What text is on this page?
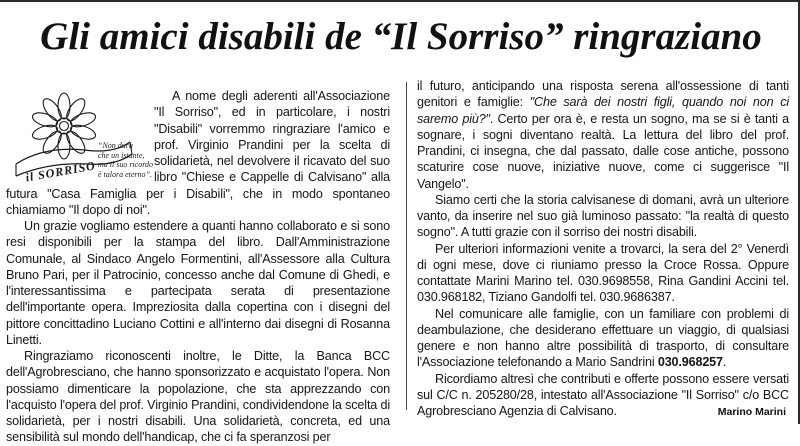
Gli amici disabili de “Il Sorriso” ringraziano
il SORRISO

“Non dura
che un istante,
ma il suo ricordo
è talora eterno”.

A nome degli aderenti all'Associazione "Il Sorriso", ed in particolare, i nostri "Disabili" vorremmo ringraziare l'amico e prof. Virginio Prandini per la scelta di solidarietà, nel devolvere il ricavato del suo libro "Chiese e Cappelle di Calvisano" alla futura "Casa Famiglia per i Disabili", che in modo spontaneo chiamiamo "Il dopo di noi".

Un grazie vogliamo estendere a quanti hanno collaborato e si sono resi disponibili per la stampa del libro. Dall'Amministrazione Comunale, al Sindaco Angelo Formentini, all'Assessore alla Cultura Bruno Pari, per il Patrocinio, concesso anche dal Comune di Ghedi, e l'interessantissima e partecipata serata di presentazione dell'importante opera. Impreziosita dalla copertina con i disegni del pittore concittadino Luciano Cottini e all'interno dai disegni di Rosanna Linetti.

Ringraziamo riconoscenti inoltre, le Ditte, la Banca BCC dell'Agrobresciano, che hanno sponsorizzato e acquistato l'opera. Non possiamo dimenticare la popolazione, che sta apprezzando con l'acquisto l'opera del prof. Virginio Prandini, condividendone la scelta di solidarietà, per i nostri disabili. Una solidarietà, concreta, ed una sensibilità sul mondo dell'handicap, che ci fa speranzosi per

il futuro, anticipando una risposta serena all'ossessione di tanti genitori e famiglie: "Che sarà dei nostri figli, quando noi non ci saremo più?". Certo per ora è, e resta un sogno, ma se si è tanti a sognare, i sogni diventano realtà. La lettura del libro del prof. Prandini, ci insegna, che dal passato, dalle cose antiche, possono scaturire cose nuove, iniziative nuove, come ci suggerisce "Il Vangelo".

Siamo certi che la storia calvisanese di domani, avrà un ulteriore vanto, da inserire nel suo già luminoso passato: "la realtà di questo sogno". A tutti grazie con il sorriso dei nostri disabili.

Per ulteriori informazioni venite a trovarci, la sera del 2° Venerdì di ogni mese, dove ci riuniamo presso la Croce Rossa. Oppure contattate Marini Marino tel. 030.9698558, Rina Gandini Accini tel. 030.968182, Tiziano Gandolfi tel. 030.9686387.

Nel comunicare alle famiglie, con un familiare con problemi di deambulazione, che desiderano effettuare un viaggio, di qualsiasi genere e non hanno altre possibilità di trasporto, di consultare l'Associazione telefonando a Mario Sandrini 030.968257.

Ricordiamo altresì che contributi e offerte possono essere versati sul C/C n. 205280/28, intestato all'Associazione "Il Sorriso" c/o BCC Agrobresciano Agenzia di Calvisano.	Marino Marini
